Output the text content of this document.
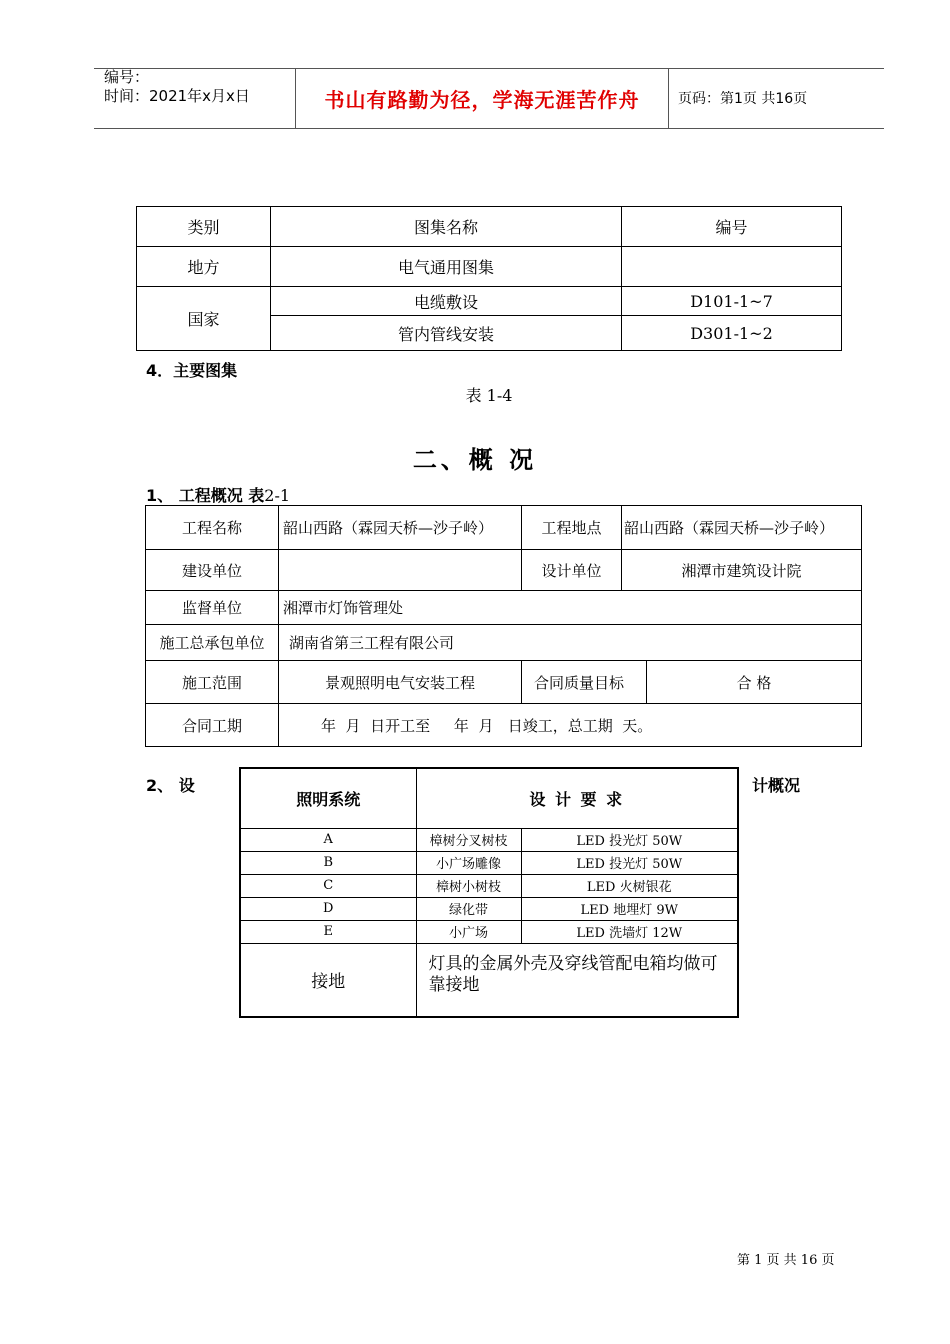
编号：
时间：2021年x月x日	书山有路勤为径，学海无涯苦作舟	页码：第1页 共16页
类别	图集名称	编号
地方	电气通用图集	
国家	电缆敷设	D101-1~7
	管内管线安装	D301-1~2
4．主要图集
表 1-4
二、概 况
1、 工程概况 表2-1
工程名称	韶山西路（霖园天桥—沙子岭）	工程地点	韶山西路（霖园天桥—沙子岭）	
建设单位		设计单位	湘潭市建筑设计院	
监督单位	湘潭市灯饰管理处			
施工总承包单位	湖南省第三工程有限公司			
施工范围	景观照明电气安装工程	合同质量目标		合 格
合同工期	年  月  日开工至     年  月   日竣工，总工期  天。			
2、 设	计概况
照明系统	设 计 要 求	
A	樟树分叉树枝	LED 投光灯 50W
B	小广场雕像	LED 投光灯 50W
C	樟树小树枝	LED 火树银花
D	绿化带	LED 地埋灯 9W
E	小广场	LED 洗墙灯 12W
接地	灯具的金属外壳及穿线管配电箱均做可靠接地	
第 1 页 共 16 页
